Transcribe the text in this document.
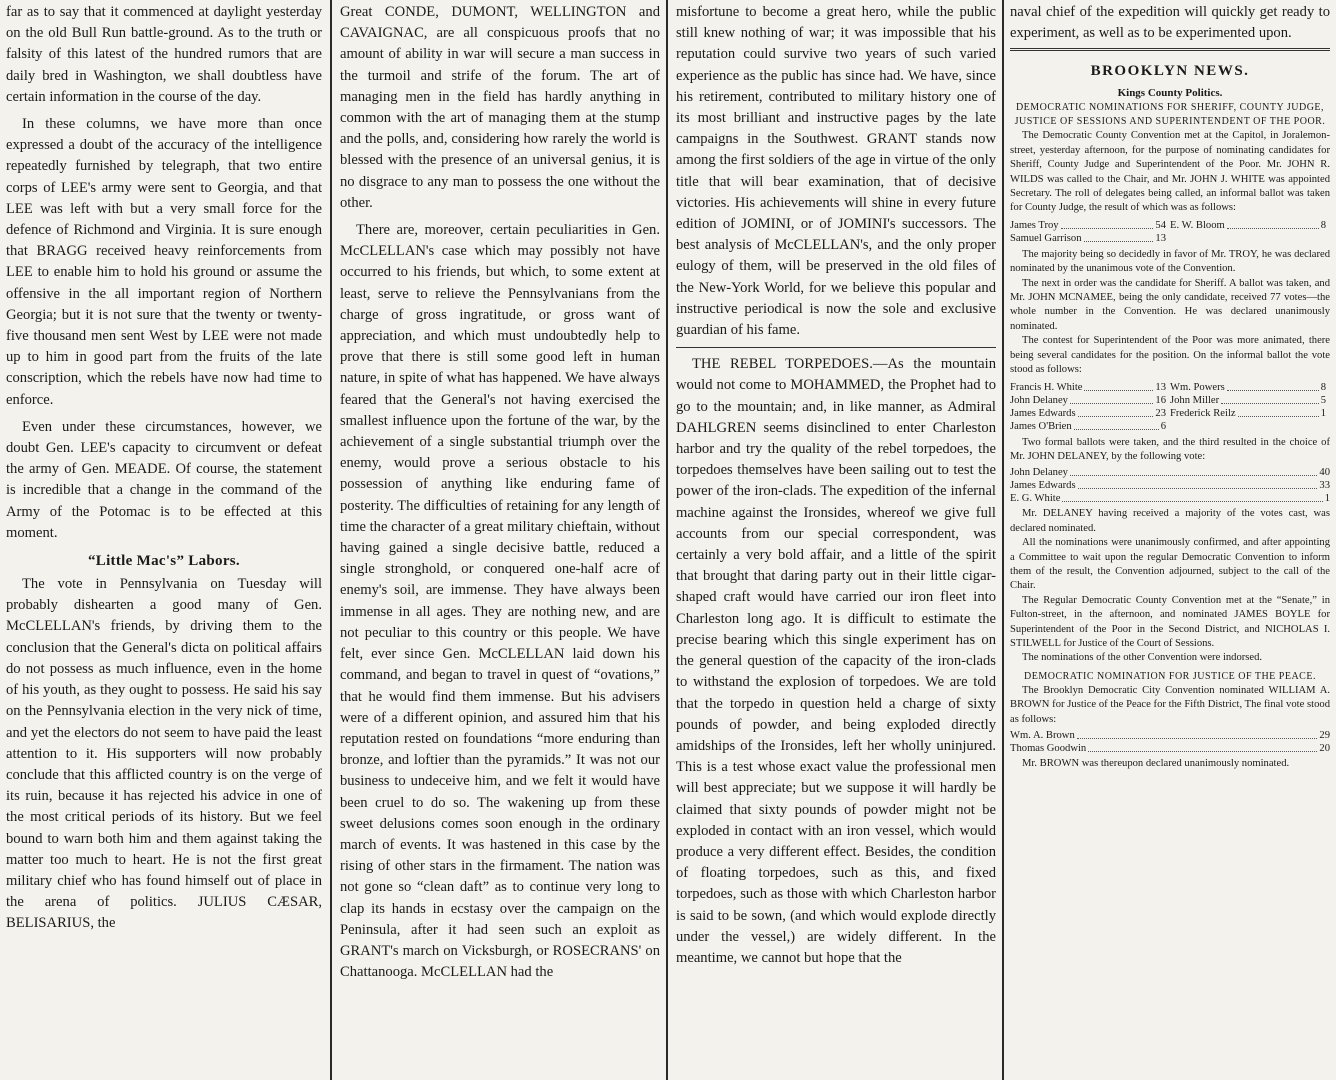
far as to say that it commenced at daylight yesterday on the old Bull Run battle-ground. As to the truth or falsity of this latest of the hundred rumors that are daily bred in Washington, we shall doubtless have certain information in the course of the day.

In these columns, we have more than once expressed a doubt of the accuracy of the intelligence repeatedly furnished by telegraph, that two entire corps of LEE's army were sent to Georgia, and that LEE was left with but a very small force for the defence of Richmond and Virginia. It is sure enough that BRAGG received heavy reinforcements from LEE to enable him to hold his ground or assume the offensive in the all important region of Northern Georgia; but it is not sure that the twenty or twenty-five thousand men sent West by LEE were not made up to him in good part from the fruits of the late conscription, which the rebels have now had time to enforce.

Even under these circumstances, however, we doubt Gen. LEE's capacity to circumvent or defeat the army of Gen. MEADE. Of course, the statement is incredible that a change in the command of the Army of the Potomac is to be effected at this moment.

“Little Mac's” Labors.

The vote in Pennsylvania on Tuesday will probably dishearten a good many of Gen. McCLELLAN's friends, by driving them to the conclusion that the General's dicta on political affairs do not possess as much influence, even in the home of his youth, as they ought to possess. He said his say on the Pennsylvania election in the very nick of time, and yet the electors do not seem to have paid the least attention to it. His supporters will now probably conclude that this afflicted country is on the verge of its ruin, because it has rejected his advice in one of the most critical periods of its history. But we feel bound to warn both him and them against taking the matter too much to heart. He is not the first great military chief who has found himself out of place in the arena of politics. JULIUS CÆSAR, BELISARIUS, the

Great CONDE, DUMONT, WELLINGTON and CAVAIGNAC, are all conspicuous proofs that no amount of ability in war will secure a man success in the turmoil and strife of the forum. The art of managing men in the field has hardly anything in common with the art of managing them at the stump and the polls, and, considering how rarely the world is blessed with the presence of an universal genius, it is no disgrace to any man to possess the one without the other.

There are, moreover, certain peculiarities in Gen. McCLELLAN's case which may possibly not have occurred to his friends, but which, to some extent at least, serve to relieve the Pennsylvanians from the charge of gross ingratitude, or gross want of appreciation, and which must undoubtedly help to prove that there is still some good left in human nature, in spite of what has happened. We have always feared that the General's not having exercised the smallest influence upon the fortune of the war, by the achievement of a single substantial triumph over the enemy, would prove a serious obstacle to his possession of anything like enduring fame of posterity. The difficulties of retaining for any length of time the character of a great military chieftain, without having gained a single decisive battle, reduced a single stronghold, or conquered one-half acre of enemy's soil, are immense. They have always been immense in all ages. They are nothing new, and are not peculiar to this country or this people. We have felt, ever since Gen. McCLELLAN laid down his command, and began to travel in quest of “ovations,” that he would find them immense. But his advisers were of a different opinion, and assured him that his reputation rested on foundations “more enduring than bronze, and loftier than the pyramids.” It was not our business to undeceive him, and we felt it would have been cruel to do so. The wakening up from these sweet delusions comes soon enough in the ordinary march of events. It was hastened in this case by the rising of other stars in the firmament. The nation was not gone so “clean daft” as to continue very long to clap its hands in ecstasy over the campaign on the Peninsula, after it had seen such an exploit as GRANT's march on Vicksburgh, or ROSECRANS' on Chattanooga. McCLELLAN had the

misfortune to become a great hero, while the public still knew nothing of war; it was impossible that his reputation could survive two years of such varied experience as the public has since had. We have, since his retirement, contributed to military history one of its most brilliant and instructive pages by the late campaigns in the Southwest. GRANT stands now among the first soldiers of the age in virtue of the only title that will bear examination, that of decisive victories. His achievements will shine in every future edition of JOMINI, or of JOMINI's successors. The best analysis of McCLELLAN's, and the only proper eulogy of them, will be preserved in the old files of the New-York World, for we believe this popular and instructive periodical is now the sole and exclusive guardian of his fame.

THE REBEL TORPEDOES.—As the mountain would not come to MOHAMMED, the Prophet had to go to the mountain; and, in like manner, as Admiral DAHLGREN seems disinclined to enter Charleston harbor and try the quality of the rebel torpedoes, the torpedoes themselves have been sailing out to test the power of the iron-clads. The expedition of the infernal machine against the Ironsides, whereof we give full accounts from our special correspondent, was certainly a very bold affair, and a little of the spirit that brought that daring party out in their little cigar-shaped craft would have carried our iron fleet into Charleston long ago. It is difficult to estimate the precise bearing which this single experiment has on the general question of the capacity of the iron-clads to withstand the explosion of torpedoes. We are told that the torpedo in question held a charge of sixty pounds of powder, and being exploded directly amidships of the Ironsides, left her wholly uninjured. This is a test whose exact value the professional men will best appreciate; but we suppose it will hardly be claimed that sixty pounds of powder might not be exploded in contact with an iron vessel, which would produce a very different effect. Besides, the condition of floating torpedoes, such as this, and fixed torpedoes, such as those with which Charleston harbor is said to be sown, (and which would explode directly under the vessel,) are widely different. In the meantime, we cannot but hope that the

naval chief of the expedition will quickly get ready to experiment, as well as to be experimented upon.

BROOKLYN NEWS.
Kings County Politics.
DEMOCRATIC NOMINATIONS FOR SHERIFF, COUNTY JUDGE, JUSTICE OF SESSIONS AND SUPERINTENDENT OF THE POOR.

The Democratic County Convention met at the Capitol, in Joralemon-street, yesterday afternoon, for the purpose of nominating candidates for Sheriff, County Judge and Superintendent of the Poor. Mr. JOHN R. WILDS was called to the Chair, and Mr. JOHN J. WHITE was appointed Secretary. The roll of delegates being called, an informal ballot was taken for County Judge, the result of which was as follows:

James Troy	54 E. W. Bloom	8
Samuel Garrison	13

The majority being so decidedly in favor of Mr. TROY, he was declared nominated by the unanimous vote of the Convention.

The next in order was the candidate for Sheriff. A ballot was taken, and Mr. JOHN MCNAMEE, being the only candidate, received 77 votes—the whole number in the Convention. He was declared unanimously nominated.

The contest for Superintendent of the Poor was more animated, there being several candidates for the position. On the informal ballot the vote stood as follows:

Francis H. White	13 Wm. Powers	8
John Delaney	16 John Miller	5
James Edwards	23 Frederick Reilz	1
James O'Brien	6

Two formal ballots were taken, and the third resulted in the choice of Mr. JOHN DELANEY, by the following vote:

John Delaney	40
James Edwards	33
E. G. White	1

Mr. DELANEY having received a majority of the votes cast, was declared nominated.

All the nominations were unanimously confirmed, and after appointing a Committee to wait upon the regular Democratic Convention to inform them of the result, the Convention adjourned, subject to the call of the Chair.

The Regular Democratic County Convention met at the “Senate,” in Fulton-street, in the afternoon, and nominated JAMES BOYLE for Superintendent of the Poor in the Second District, and NICHOLAS I. STILWELL for Justice of the Court of Sessions.

The nominations of the other Convention were indorsed.

DEMOCRATIC NOMINATION FOR JUSTICE OF THE PEACE.

The Brooklyn Democratic City Convention nominated WILLIAM A. BROWN for Justice of the Peace for the Fifth District, The final vote stood as follows:

Wm. A. Brown	29
Thomas Goodwin	20

Mr. BROWN was thereupon declared unanimously nominated.
